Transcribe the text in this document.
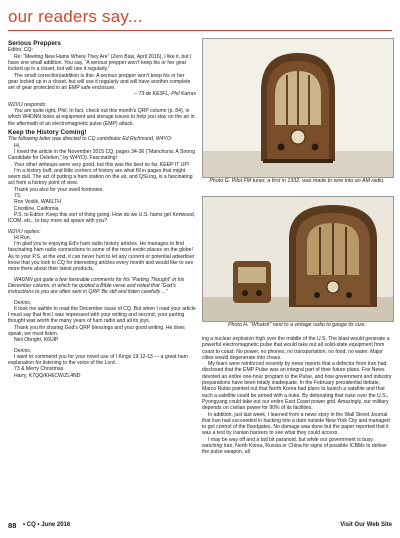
our readers say...

Serious Preppers

Editor, CQ:

Re: “Meeting New Hams Where They Are” (Zero Bias, April 2016), I like it, but I have one small addition. You say, “A serious prepper won’t keep his or her gear locked up in a closet, but will use it regularly.”

The small correction/addition is this: A serious prepper won’t keep his or her gear locked up in a closet, but will use it regularly and will have another complete set of gear protected in an EMP safe enclosure.

– 73 de KE3FL, Phil Karras

W2VU responds:

You are quite right, Phil. In fact, check out this month’s QRP column (p. 84), in which W4DNN looks at equipment and storage issues to help you stay on the air in the aftermath of an electromagnetic pulse (EMP) attack.

Keep the History Coming!

The following letter was directed to CQ contributor Ed Richmond, W4YO:

Hi,

I loved the article in the November 2015 CQ, pages 34-36 (“Manchuria: A Strong Candidate for Deletion,” by W4YO). Fascinating!

Your other writeups were very good, but this was the best so far. KEEP IT UP!

I’m a history buff, and little corners of history are what fill in pages that might seem dull. The act of putting a ham station on the air, and QSLing, is a fascinating act from a history point of view.

Thank you also for your swell footnotes.

73,

Ron Veslik, WA6LTH

Crestline, California

P.S. to Editor: Keep this sort of thing going. How do we U.S. hams get Kenwood, ICOM, etc., to buy more ad space with you?

W2VU replies:

Hi Ron,

I’m glad you’re enjoying Ed’s ham radio history articles. He manages to find fascinating ham radio connections to some of the most exotic places on the globe! As to your P.S. at the end, it can never hurt to let any current or potential advertiser know that you look to CQ for interesting articles every month and would like to see more there about their latest products.

W4DNN got quite a few favorable comments for his “Parting Thought” in his December column, in which he quoted a Bible verse and noted that “God’s instructions to you are often sent in QRP. Be still and listen carefully ...”

Dennis,

It took me awhile to read the December issue of CQ. But when I read your article I must say that first I was impressed with your writing and second, your parting thought was worth the many years of ham radio and all its joys.

Thank you for sharing God’s QRP blessings and your good writing. He does speak; we must listen.

Neil Obright, K6UIP

Dennis,

I want to commend you for your novel use of I Kings 19:12-13 — a great ham explanation for listening to the voice of the Lord.

73 & Merry Christmas.

Harry, K7QQ/KH6CW/ZL4ND

Photo G. Pilot FM tuner, a first in 1932, was made to wire into an AM radio.
Photo H. “Whatsit” next to a vintage radio to gauge its size.

ing a nuclear explosion high over the middle of the U.S. The blast would generate a powerful electromagnetic pulse that would take out all solid-state equipment from coast to coast. No power, no phones, no transportation, no food, no water. Major cities would degenerate into chaos.

My fears were reinforced recently by news reports that a defector from Iran had disclosed that the EMP Pulse was an integral part of their future plans. Fox News devoted an entire one-hour program to the Pulse, and how government and industry preparations have been totally inadequate. In the February presidential debate, Marco Rubio pointed out that North Korea had plans to launch a satellite and that such a satellite could be armed with a nuke. By detonating that nuke over the U.S., Pyongyang could take out our entire East Coast power grid. Amazingly, our military depends on civilian power for 90% of its facilities.

In addition, just last week, I learned from a news story in the Wall Street Journal that Iran had succeeded in hacking into a dam outside New York City and managed to get control of the floodgates. No damage was done but the paper reported that it was a test by Iranian hackers to see what they could access.

I may be way off and a tad bit paranoid, but while our government is busy watching Iran, North Korea, Russia or China for signs of possible ICBMs to deliver the pulse weapon, all

88 • CQ • June 2016	Visit Our Web Site
